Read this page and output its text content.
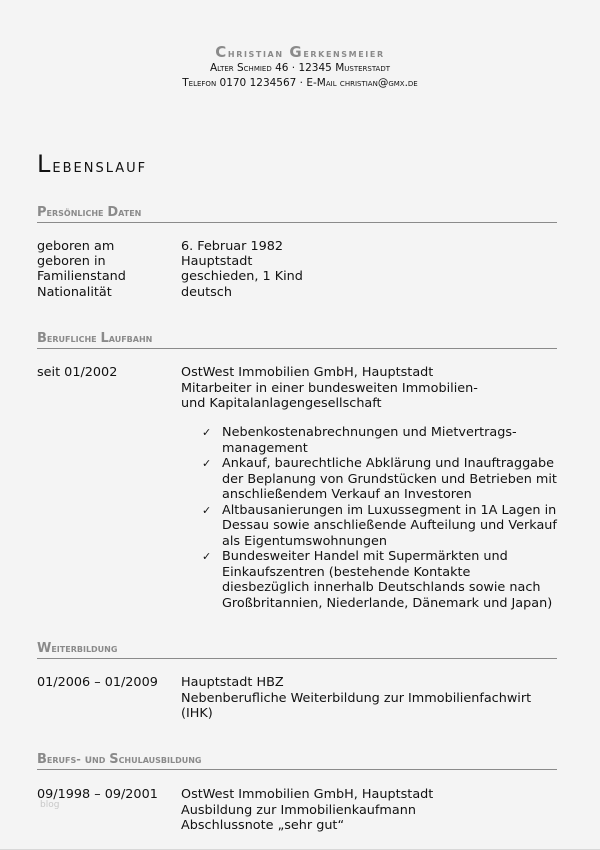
Christian Gerkensmeier
Alter Schmied 46 · 12345 Musterstadt
Telefon 0170 1234567 · E-Mail christian@gmx.de
Lebenslauf
Persönliche Daten
geboren am	6. Februar 1982
geboren in	Hauptstadt
Familienstand	geschieden, 1 Kind
Nationalität	deutsch
Berufliche Laufbahn
seit 01/2002	OstWest Immobilien GmbH, Hauptstadt
Mitarbeiter in einer bundesweiten Immobilien-
und Kapitalanlagengesellschaft
✓ Nebenkostenabrechnungen und Mietvertrags-
management
✓ Ankauf, baurechtliche Abklärung und Inauftraggabe
der Beplanung von Grundstücken und Betrieben mit
anschließendem Verkauf an Investoren
✓ Altbausanierungen im Luxussegment in 1A Lagen in
Dessau sowie anschließende Aufteilung und Verkauf
als Eigentumswohnungen
✓ Bundesweiter Handel mit Supermärkten und
Einkaufszentren (bestehende Kontakte
diesbezüglich innerhalb Deutschlands sowie nach
Großbritannien, Niederlande, Dänemark und Japan)
Weiterbildung
01/2006 – 01/2009	Hauptstadt HBZ
Nebenberufliche Weiterbildung zur Immobilienfachwirt
(IHK)
Berufs- und Schulausbildung
09/1998 – 09/2001	OstWest Immobilien GmbH, Hauptstadt
Ausbildung zur Immobilienkaufmann
Abschlussnote „sehr gut“
blog
